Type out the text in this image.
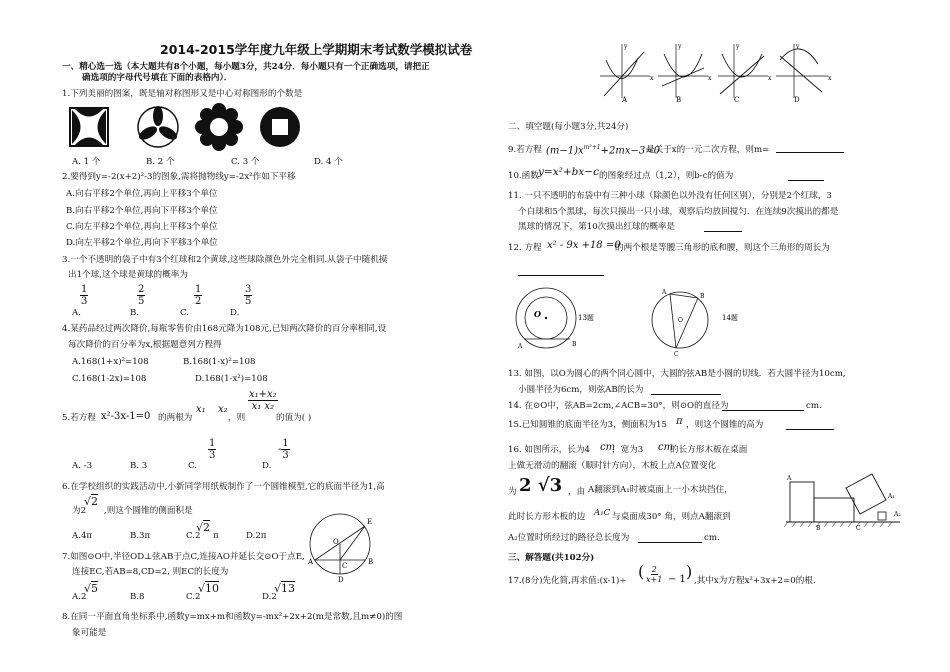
2014-2015学年度九年级上学期期末考试数学模拟试卷
一、精心选一选（本大题共有8个小题，每小题3分，共24分．每小题只有一个正确选项，请把正
确选项的字母代号填在下面的表格内）．
1.下列美丽的图案，既是轴对称图形又是中心对称图形的个数是
A. 1 个	B. 2 个	C. 3 个	D. 4 个
2.要得到y=-2(x+2)²-3的图象,需将抛物线y=-2x²作如下平移
A.向右平移2个单位,再向上平移3个单位
B.向右平移2个单位,再向下平移3个单位
C.向左平移2个单位,再向上平移3个单位
D.向左平移2个单位,再向下平移3个单位
3.一个不透明的袋子中有3个红球和2个黄球,这些球除颜色外完全相同.从袋子中随机摸
出1个球,这个球是黄球的概率为
$\frac{1}{3}$	$\frac{2}{5}$	$\frac{1}{2}$	$\frac{3}{5}$
A.	B.	C.	D.
4.某药品经过两次降价,每瓶零售价由168元降为108元,已知两次降价的百分率相同,设
每次降价的百分率为x,根据题意列方程得
A.168(1+x)²=108	B.168(1-x)²=108
C.168(1-2x)=108	D.168(1-x²)=108
5.若方程 x²-3x-1=0 的两根为
x₁ x₂
，则
$\frac{\text{x₁+x₂}}{\text{x₁ x₂}}$
的值为( )
A. -3	B. 3	C.
$\frac{1}{3}$
D.
- $\frac{1}{3}$
6.在学校组织的实践活动中,小新同学用纸板制作了一个圆锥模型,它的底面半径为1,高
为2
√2
,则这个圆锥的侧面积是
A.4π	B.3π	C.2
√2
π	D.2π
E
O
A	B
C
D
7.如图⊙O中,半径OD⊥弦AB于点C,连接AO并延长交⊙O于点E,
连接EC,若AB=8,CD=2, 则EC的长度为
A.2
√5
B.8	C.2
√10
D.2
√13
8.在同一平面直角坐标系中,函数y=mx+m和函数y=-mx²+2x+2(m是常数,且m≠0)的图
象可能是
x
y
A
x
y
B
x
y
C
x
y
D
二、填空题(每小题3分,共24分)
9.若方程 $(m-1)x^{m^2+1}+2mx-3=0$
是关于x的一元二次方程，则m=
10.函数 y=x²+bx−c 的图象经过点（1,2），则b-c的值为
11. 一只不透明的布袋中有三种小球（除颜色以外没有任何区别），分别是2个红球，3
个白球和5个黑球，每次只摸出一只小球，观察后均放回搅匀．在连续9次摸出的都是
黑球的情况下，第10次摸出红球的概率是
12. 方程 x² - 9x +18 =0
的两个根是等腰三角形的底和腰，则这个三角形的周长为
O
A	B
13题	O
A
B
C
14题
13. 如图，以O为圆心的两个同心圆中，大圆的弦AB是小圆的切线．若大圆半径为10cm,
小圆半径为6cm，则弦AB的长为
14. 在⊙O中，弦AB=2cm,∠ACB=30°，则⊙O的直径为	cm.
15.已知圆锥的底面半径为3，侧面积为15 π ，则这个圆锥的高为
16. 如图所示，长为4 cm
，宽为3 cm
的长方形木板在桌面
上做无滑动的翻滚（顺时针方向），木板上点A位置变化
为 2 √3 ，由 A翻滚到A₁时被桌面上一小木块挡住，
此时长方形木板的边 A₁C 与桌面成30° 角，则点A翻滚到
A₂位置时所经过的路径总长度为	cm.
A
A₁
A₂
B	C
三、解答题(共102分)
17.(8分)先化简,再求值:(x-1)÷ ( $\frac{2}{x+1} - 1$ ) ,其中x为方程x²+3x+2=0的根.
